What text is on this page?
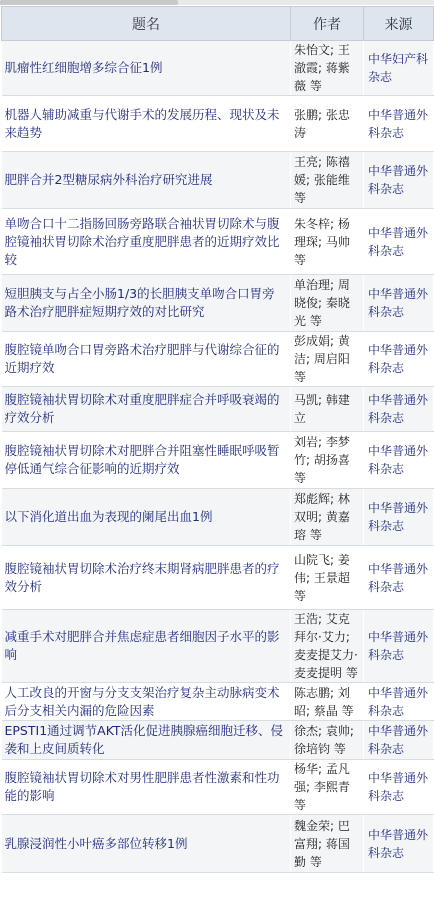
题名	作者	来源
肌瘤性红细胞增多综合征1例	朱怡文; 王澈霞; 蒋紫薇 等	中华妇产科杂志
机器人辅助减重与代谢手术的发展历程、现状及未来趋势	张鹏; 张忠涛	中华普通外科杂志
肥胖合并2型糖尿病外科治疗研究进展	王亮; 陈禧媛; 张能维 等	中华普通外科杂志
单吻合口十二指肠回肠旁路联合袖状胃切除术与腹腔镜袖状胃切除术治疗重度肥胖患者的近期疗效比较	朱冬梓; 杨理琛; 马帅 等	中华普通外科杂志
短胆胰支与占全小肠1/3的长胆胰支单吻合口胃旁路术治疗肥胖症短期疗效的对比研究	单治理; 周晓俊; 秦晓光 等	中华普通外科杂志
腹腔镜单吻合口胃旁路术治疗肥胖与代谢综合征的近期疗效	彭成娟; 黄洁; 周启阳 等	中华普通外科杂志
腹腔镜袖状胃切除术对重度肥胖症合并呼吸衰竭的疗效分析	马凯; 韩建立	中华普通外科杂志
腹腔镜袖状胃切除术对肥胖合并阻塞性睡眠呼吸暂停低通气综合征影响的近期疗效	刘岩; 李梦竹; 胡扬喜 等	中华普通外科杂志
以下消化道出血为表现的阑尾出血1例	郑彪辉; 林双明; 黄嘉瑢 等	中华普通外科杂志
腹腔镜袖状胃切除术治疗终末期肾病肥胖患者的疗效分析	山院飞; 姜伟; 王景超 等	中华普通外科杂志
减重手术对肥胖合并焦虑症患者细胞因子水平的影响	王浩; 艾克拜尔·艾力; 麦麦提艾力·麦麦提明 等	中华普通外科杂志
人工改良的开窗与分支支架治疗复杂主动脉病变术后分支相关内漏的危险因素	陈志鹏; 刘昭; 蔡晶 等	中华普通外科杂志
EPSTI1通过调节AKT活化促进胰腺癌细胞迁移、侵袭和上皮间质转化	徐杰; 袁帅; 徐培钧 等	中华普通外科杂志
腹腔镜袖状胃切除术对男性肥胖患者性激素和性功能的影响	杨华; 孟凡强; 李熙青 等	中华普通外科杂志
乳腺浸润性小叶癌多部位转移1例	魏金荣; 巴富翔; 蒋国勤 等	中华普通外科杂志
